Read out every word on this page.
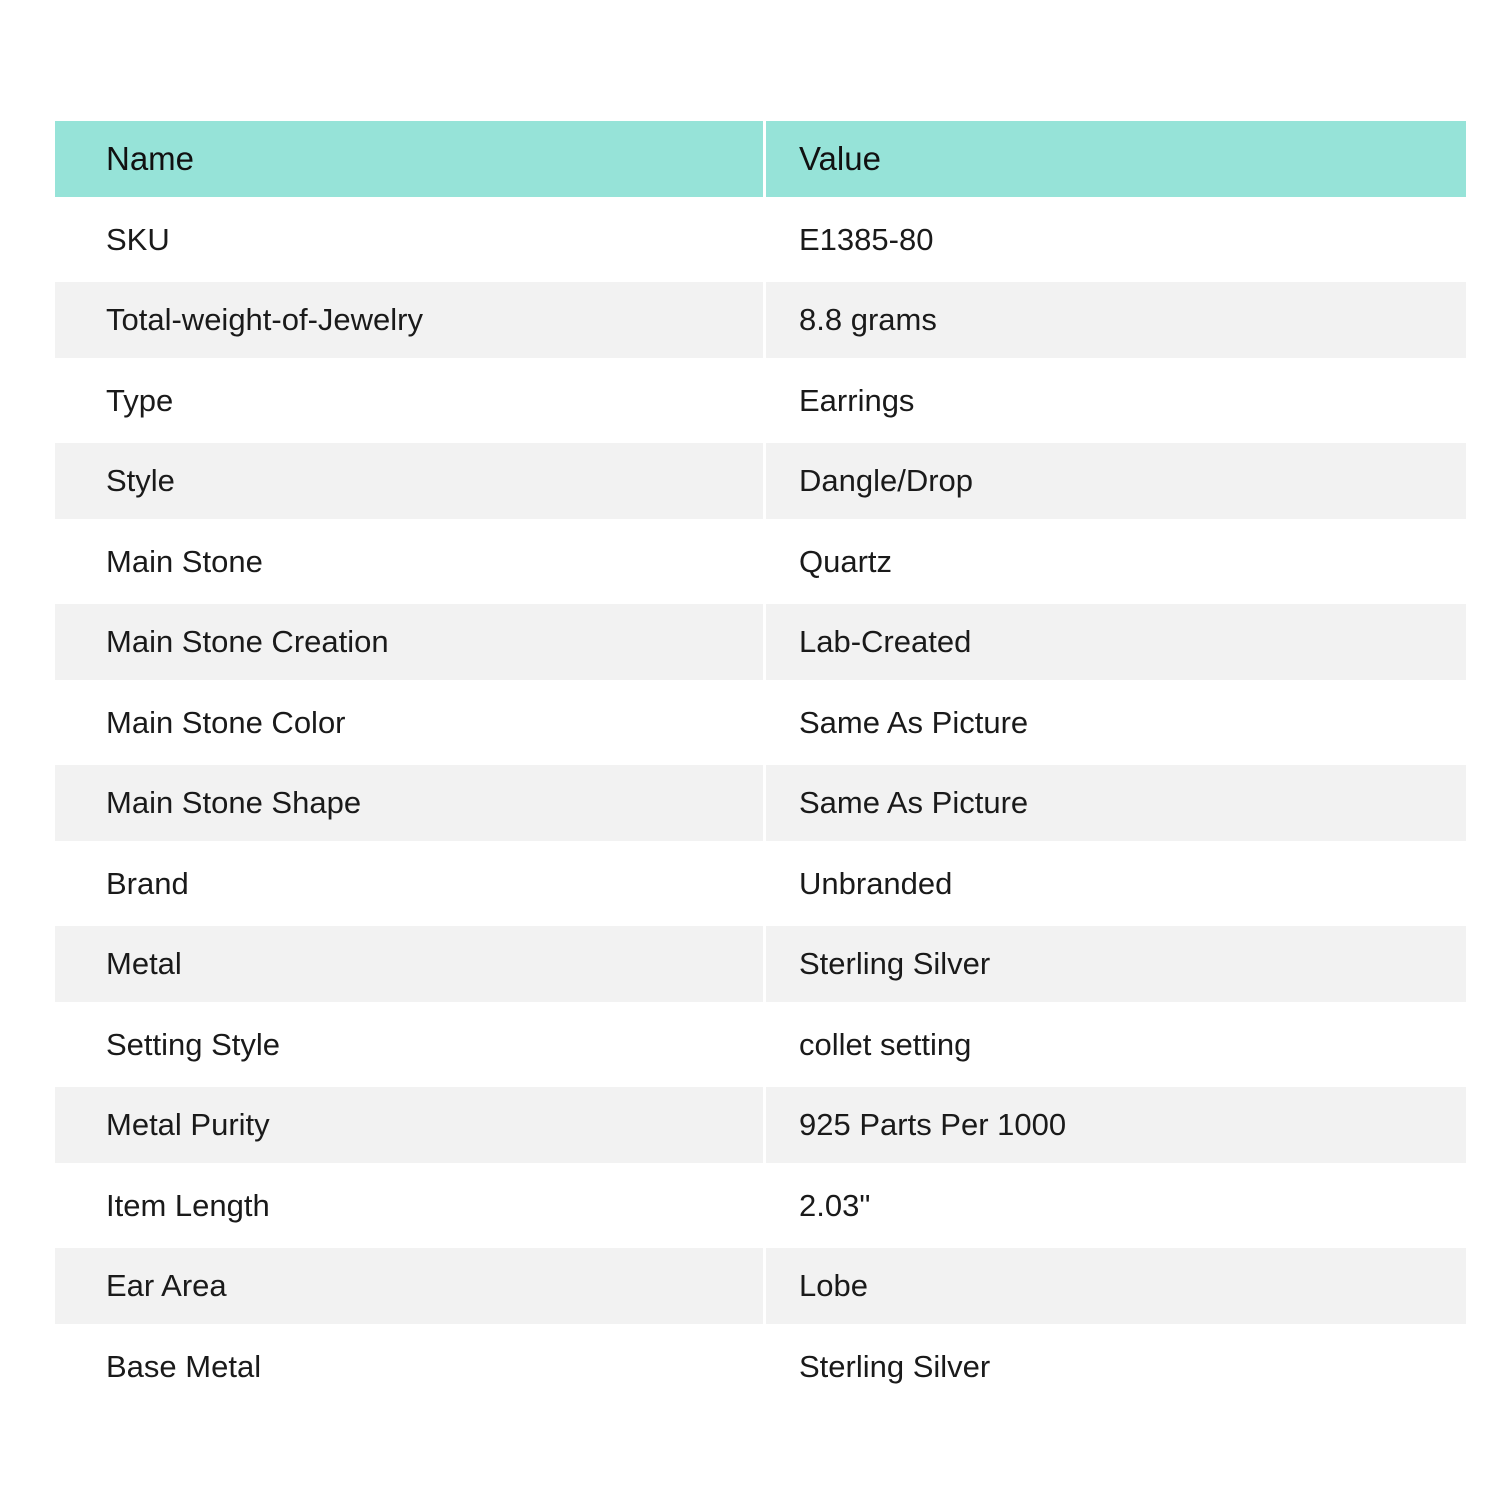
Name	Value
SKU	E1385-80
Total-weight-of-Jewelry	8.8 grams
Type	Earrings
Style	Dangle/Drop
Main Stone	Quartz
Main Stone Creation	Lab-Created
Main Stone Color	Same As Picture
Main Stone Shape	Same As Picture
Brand	Unbranded
Metal	Sterling Silver
Setting Style	collet setting
Metal Purity	925 Parts Per 1000
Item Length	2.03"
Ear Area	Lobe
Base Metal	Sterling Silver
